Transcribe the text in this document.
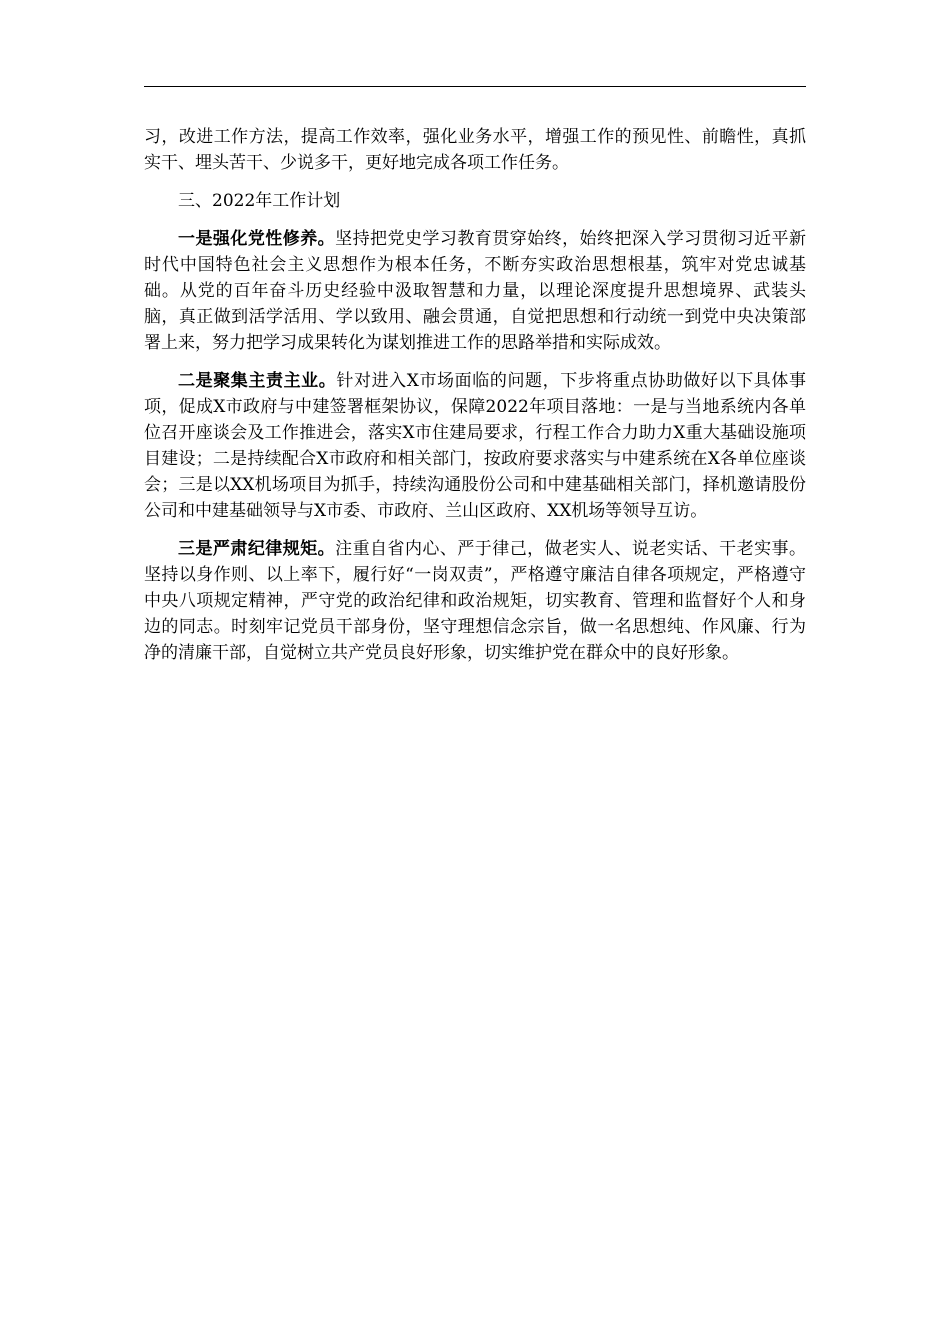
习，改进工作方法，提高工作效率，强化业务水平，增强工作的预见性、前瞻性，真抓实干、埋头苦干、少说多干，更好地完成各项工作任务。

三、2022年工作计划

一是强化党性修养。坚持把党史学习教育贯穿始终，始终把深入学习贯彻习近平新时代中国特色社会主义思想作为根本任务，不断夯实政治思想根基，筑牢对党忠诚基础。从党的百年奋斗历史经验中汲取智慧和力量，以理论深度提升思想境界、武装头脑，真正做到活学活用、学以致用、融会贯通，自觉把思想和行动统一到党中央决策部署上来，努力把学习成果转化为谋划推进工作的思路举措和实际成效。

二是聚集主责主业。针对进入X市场面临的问题，下步将重点协助做好以下具体事项，促成X市政府与中建签署框架协议，保障2022年项目落地：一是与当地系统内各单位召开座谈会及工作推进会，落实X市住建局要求，行程工作合力助力X重大基础设施项目建设；二是持续配合X市政府和相关部门，按政府要求落实与中建系统在X各单位座谈会；三是以XX机场项目为抓手，持续沟通股份公司和中建基础相关部门，择机邀请股份公司和中建基础领导与X市委、市政府、兰山区政府、XX机场等领导互访。

三是严肃纪律规矩。注重自省内心、严于律己，做老实人、说老实话、干老实事。坚持以身作则、以上率下，履行好“一岗双责”，严格遵守廉洁自律各项规定，严格遵守中央八项规定精神，严守党的政治纪律和政治规矩，切实教育、管理和监督好个人和身边的同志。时刻牢记党员干部身份，坚守理想信念宗旨，做一名思想纯、作风廉、行为净的清廉干部，自觉树立共产党员良好形象，切实维护党在群众中的良好形象。
